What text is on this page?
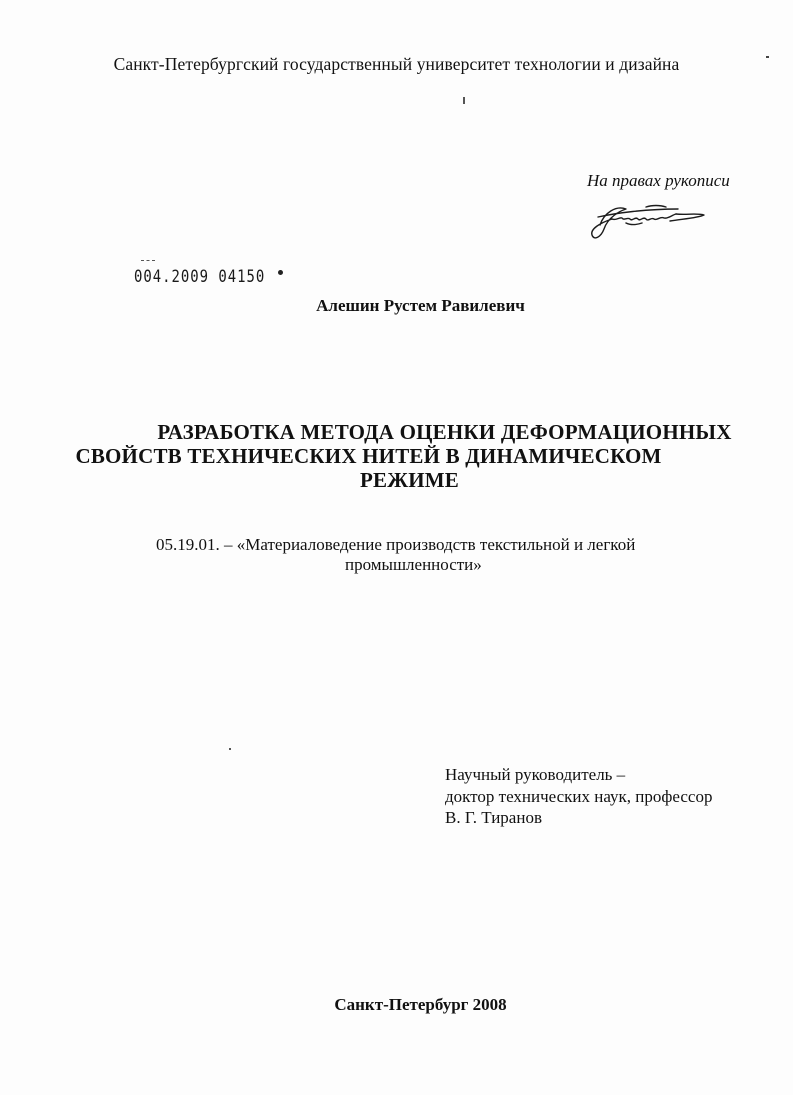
Санкт-Петербургский государственный университет технологии и дизайна
На правах рукописи
004.2009 04150
Алешин Рустем Равилевич
РАЗРАБОТКА МЕТОДА ОЦЕНКИ ДЕФОРМАЦИОННЫХ
СВОЙСТВ ТЕХНИЧЕСКИХ НИТЕЙ В ДИНАМИЧЕСКОМ
РЕЖИМЕ
05.19.01. – «Материаловедение производств текстильной и легкой
промышленности»
Научный руководитель –
доктор технических наук, профессор
В. Г. Тиранов
Санкт-Петербург 2008
